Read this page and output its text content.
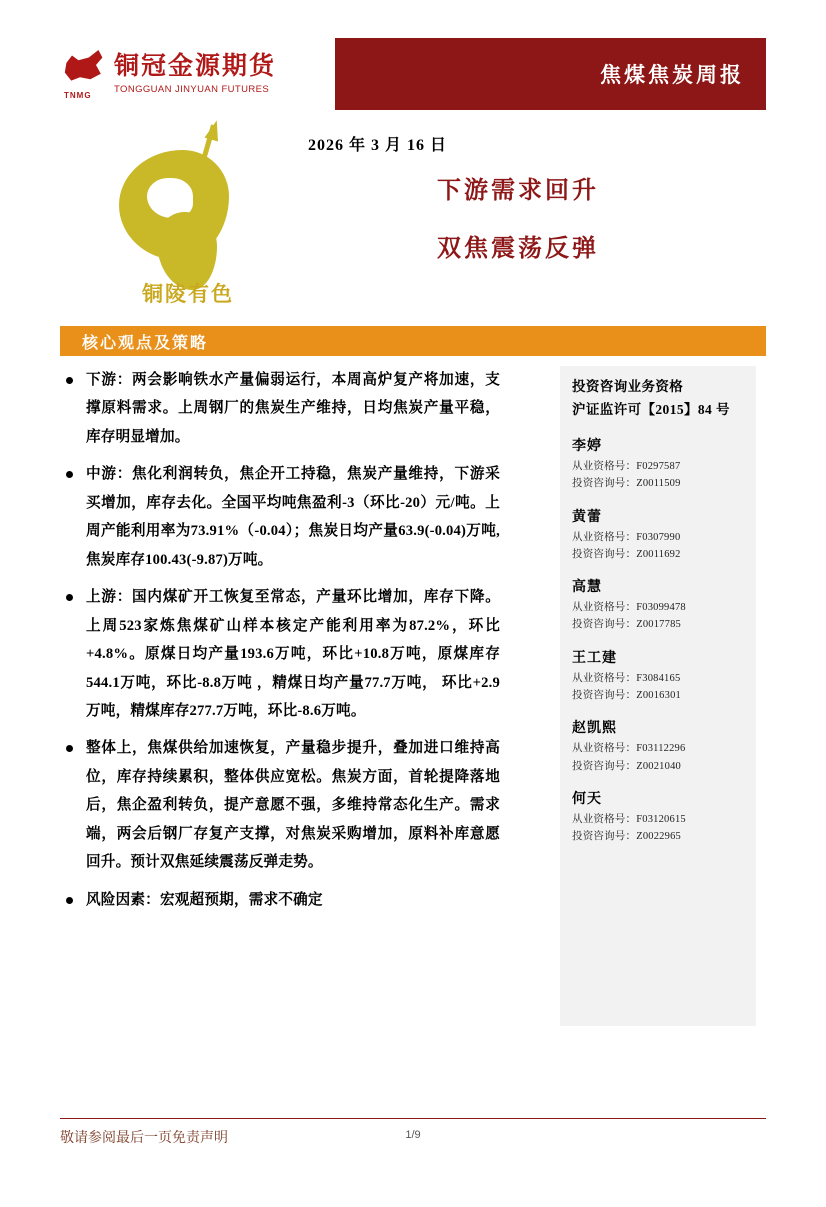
TNMG
铜冠金源期货
TONGGUAN JINYUAN FUTURES
焦煤焦炭周报
铜陵有色
2026 年 3 月 16 日
下游需求回升
双焦震荡反弹
核心观点及策略
下游：两会影响铁水产量偏弱运行，本周高炉复产将加速，支撑原料需求。上周钢厂的焦炭生产维持，日均焦炭产量平稳，库存明显增加。
中游：焦化利润转负，焦企开工持稳，焦炭产量维持，下游采买增加，库存去化。全国平均吨焦盈利-3（环比-20）元/吨。上周产能利用率为73.91%（-0.04）；焦炭日均产量63.9(-0.04)万吨,焦炭库存100.43(-9.87)万吨。
上游：国内煤矿开工恢复至常态，产量环比增加，库存下降。上周523家炼焦煤矿山样本核定产能利用率为87.2%，环比+4.8%。原煤日均产量193.6万吨，环比+10.8万吨，原煤库存544.1万吨，环比-8.8万吨 ，精煤日均产量77.7万吨， 环比+2.9万吨，精煤库存277.7万吨，环比-8.6万吨。
整体上，焦煤供给加速恢复，产量稳步提升，叠加进口维持高位，库存持续累积，整体供应宽松。焦炭方面，首轮提降落地后，焦企盈利转负，提产意愿不强，多维持常态化生产。需求端，两会后钢厂存复产支撑，对焦炭采购增加，原料补库意愿回升。预计双焦延续震荡反弹走势。
风险因素：宏观超预期，需求不确定
投资咨询业务资格
沪证监许可【2015】84 号
李婷
从业资格号：F0297587
投资咨询号：Z0011509
黄蕾
从业资格号：F0307990
投资咨询号：Z0011692
高慧
从业资格号：F03099478
投资咨询号：Z0017785
王工建
从业资格号：F3084165
投资咨询号：Z0016301
赵凯熙
从业资格号：F03112296
投资咨询号：Z0021040
何天
从业资格号：F03120615
投资咨询号：Z0022965
敬请参阅最后一页免责声明	1/9
